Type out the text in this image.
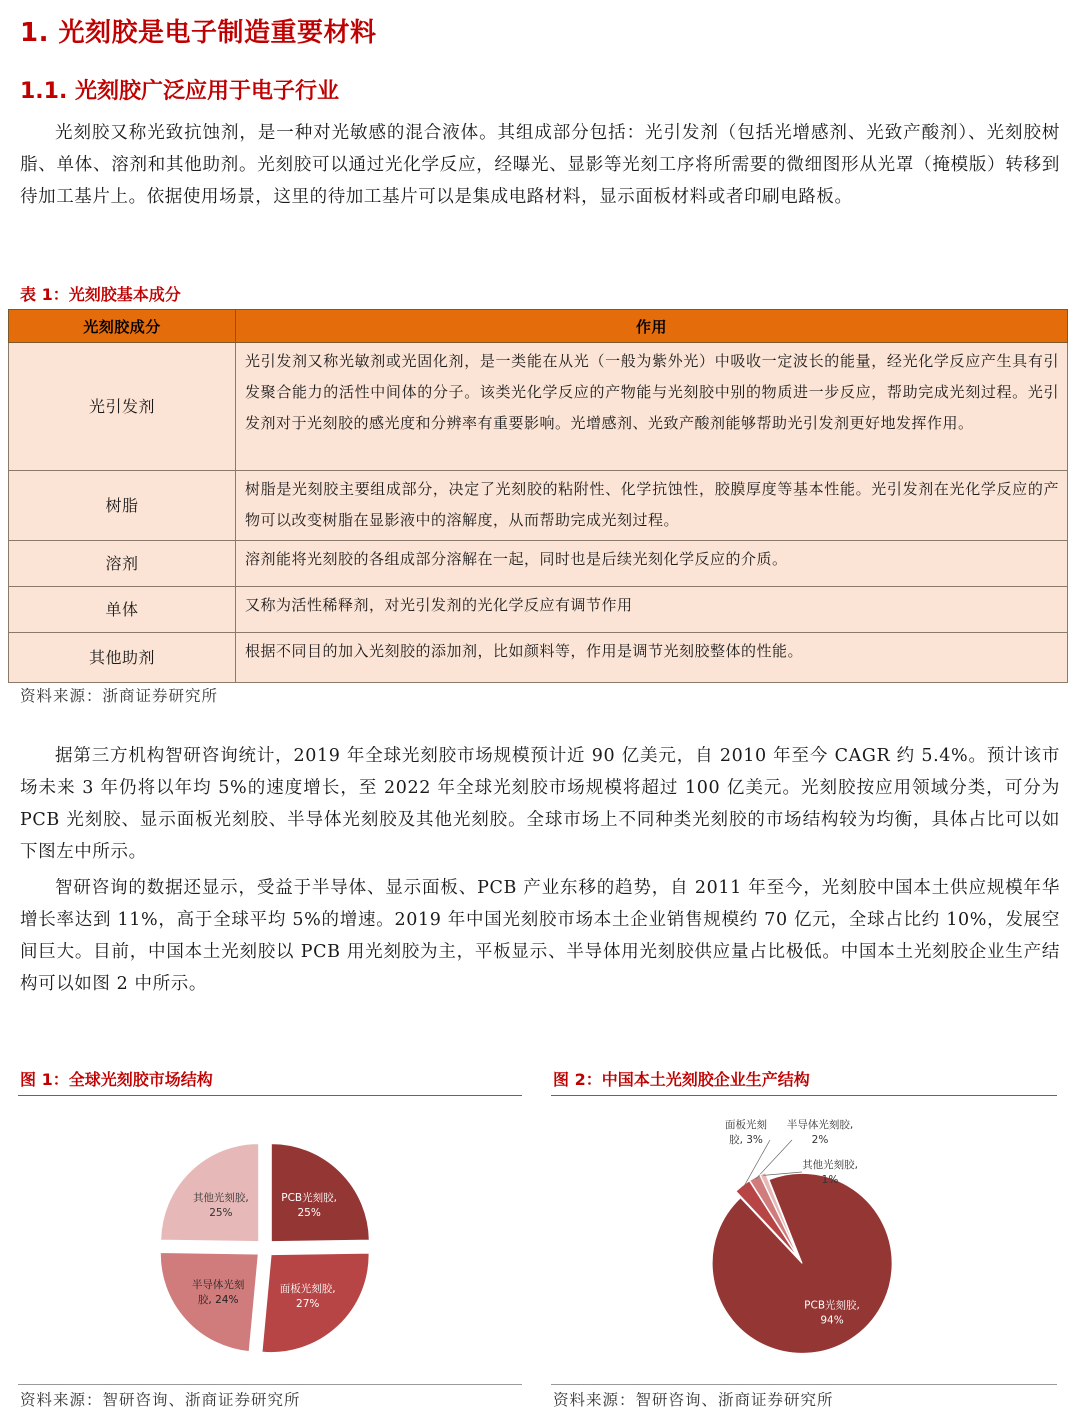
1. 光刻胶是电子制造重要材料
1.1. 光刻胶广泛应用于电子行业

光刻胶又称光致抗蚀剂，是一种对光敏感的混合液体。其组成部分包括：光引发剂（包括光增感剂、光致产酸剂）、光刻胶树脂、单体、溶剂和其他助剂。光刻胶可以通过光化学反应，经曝光、显影等光刻工序将所需要的微细图形从光罩（掩模版）转移到待加工基片上。依据使用场景，这里的待加工基片可以是集成电路材料，显示面板材料或者印刷电路板。

表 1：光刻胶基本成分
光刻胶成分	作用
光引发剂	光引发剂又称光敏剂或光固化剂，是一类能在从光（一般为紫外光）中吸收一定波长的能量，经光化学反应产生具有引发聚合能力的活性中间体的分子。该类光化学反应的产物能与光刻胶中别的物质进一步反应，帮助完成光刻过程。光引发剂对于光刻胶的感光度和分辨率有重要影响。光增感剂、光致产酸剂能够帮助光引发剂更好地发挥作用。
树脂	树脂是光刻胶主要组成部分，决定了光刻胶的粘附性、化学抗蚀性，胶膜厚度等基本性能。光引发剂在光化学反应的产物可以改变树脂在显影液中的溶解度，从而帮助完成光刻过程。
溶剂	溶剂能将光刻胶的各组成部分溶解在一起，同时也是后续光刻化学反应的介质。
单体	又称为活性稀释剂，对光引发剂的光化学反应有调节作用
其他助剂	根据不同目的加入光刻胶的添加剂，比如颜料等，作用是调节光刻胶整体的性能。
资料来源：浙商证券研究所

据第三方机构智研咨询统计，2019 年全球光刻胶市场规模预计近 90 亿美元，自 2010 年至今 CAGR 约 5.4%。预计该市场未来 3 年仍将以年均 5%的速度增长，至 2022 年全球光刻胶市场规模将超过 100 亿美元。光刻胶按应用领域分类，可分为 PCB 光刻胶、显示面板光刻胶、半导体光刻胶及其他光刻胶。全球市场上不同种类光刻胶的市场结构较为均衡，具体占比可以如下图左中所示。

智研咨询的数据还显示，受益于半导体、显示面板、PCB 产业东移的趋势，自 2011 年至今，光刻胶中国本土供应规模年华增长率达到 11%，高于全球平均 5%的增速。2019 年中国光刻胶市场本土企业销售规模约 70 亿元，全球占比约 10%，发展空间巨大。目前，中国本土光刻胶以 PCB 用光刻胶为主，平板显示、半导体用光刻胶供应量占比极低。中国本土光刻胶企业生产结构可以如图 2 中所示。

图 1：全球光刻胶市场结构
PCB光刻胶,
25%
面板光刻胶,
27%
半导体光刻
胶, 24%
其他光刻胶,
25%
资料来源：智研咨询、浙商证券研究所
图 2：中国本土光刻胶企业生产结构
PCB光刻胶,
94%
面板光刻
胶, 3%
半导体光刻胶,
2%
其他光刻胶,
1%
资料来源：智研咨询、浙商证券研究所
